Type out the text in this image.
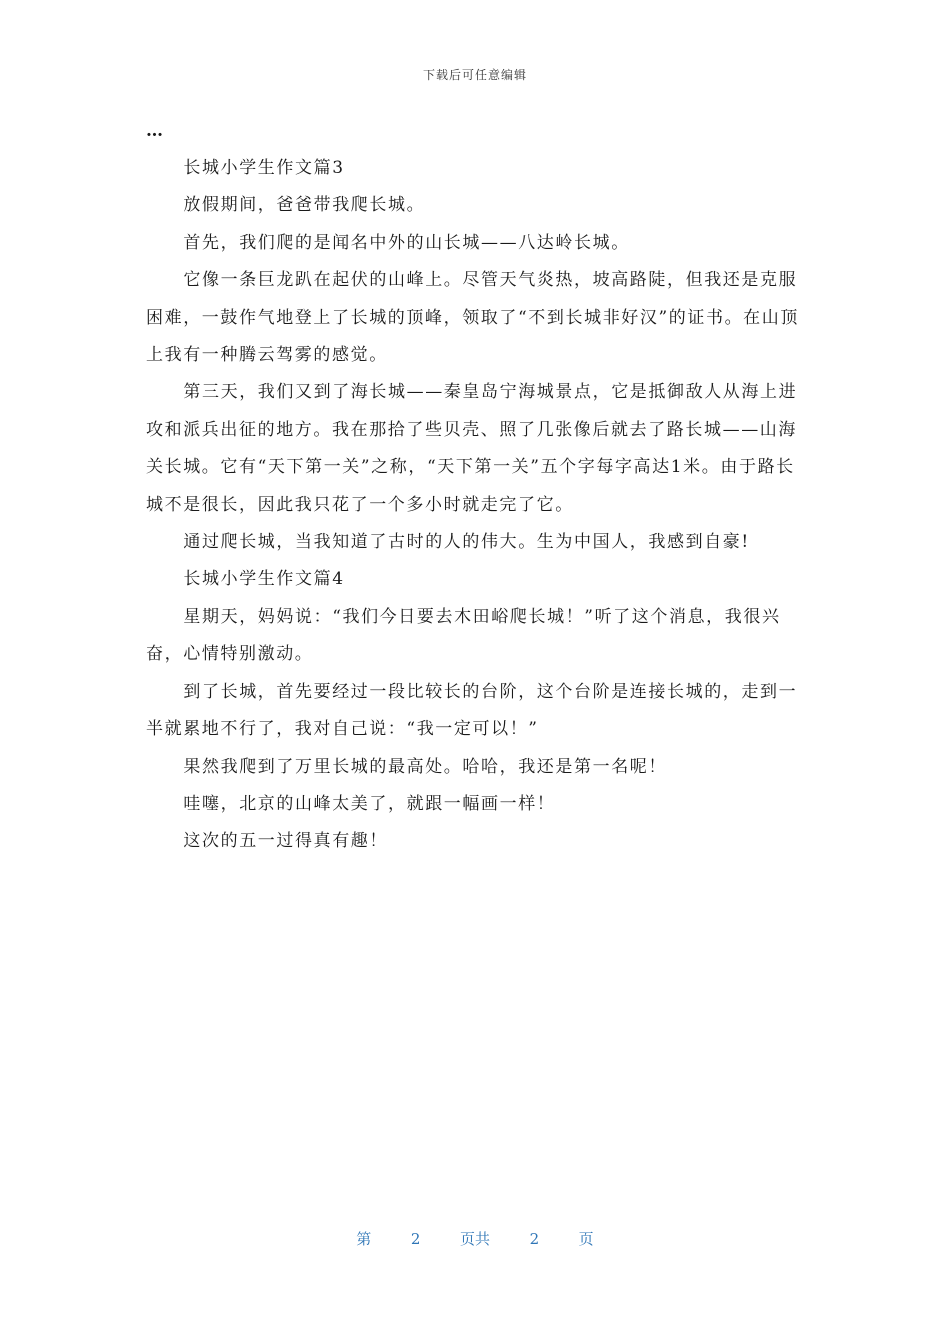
下载后可任意编辑
…

长城小学生作文篇3

放假期间，爸爸带我爬长城。

首先，我们爬的是闻名中外的山长城——八达岭长城。

它像一条巨龙趴在起伏的山峰上。尽管天气炎热，坡高路陡，但我还是克服困难，一鼓作气地登上了长城的顶峰，领取了“不到长城非好汉”的证书。在山顶上我有一种腾云驾雾的感觉。

第三天，我们又到了海长城——秦皇岛宁海城景点，它是抵御敌人从海上进攻和派兵出征的地方。我在那拾了些贝壳、照了几张像后就去了路长城——山海关长城。它有“天下第一关”之称，“天下第一关”五个字每字高达1米。由于路长城不是很长，因此我只花了一个多小时就走完了它。

通过爬长城，当我知道了古时的人的伟大。生为中国人，我感到自豪!

长城小学生作文篇4

星期天，妈妈说：“我们今日要去木田峪爬长城！”听了这个消息，我很兴奋，心情特别激动。

到了长城，首先要经过一段比较长的台阶，这个台阶是连接长城的，走到一半就累地不行了，我对自己说：“我一定可以！”

果然我爬到了万里长城的最高处。哈哈，我还是第一名呢！

哇噻，北京的山峰太美了，就跟一幅画一样！

这次的五一过得真有趣！

第	2	页共	2	页
